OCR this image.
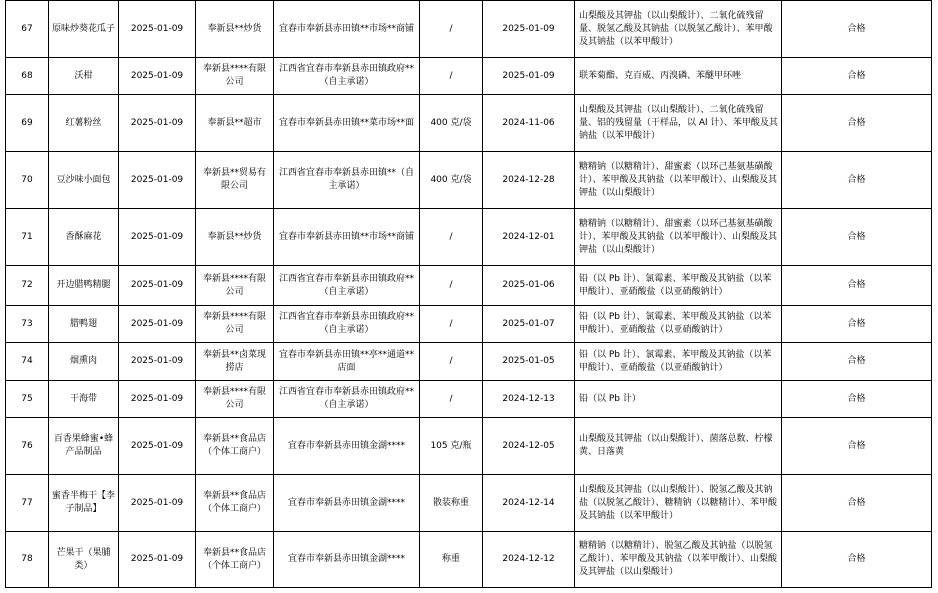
67	原味炒葵花瓜子	2025-01-09	奉新县**炒货	宜春市奉新县赤田镇**市场**商铺	/	2025-01-09	山梨酸及其钾盐（以山梨酸计）、二氧化硫残留量、脱氢乙酸及其钠盐（以脱氢乙酸计）、苯甲酸及其钠盐（以苯甲酸计）	合格

68	沃柑	2025-01-09	奉新县****有限公司	江西省宜春市奉新县赤田镇政府**（自主承诺）	/	2025-01-09	联苯菊酯、克百威、丙溴磷、苯醚甲环唑	合格

69	红薯粉丝	2025-01-09	奉新县**超市	宜春市奉新县赤田镇**菜市场**面	400 克/袋	2024-11-06	山梨酸及其钾盐（以山梨酸计）、二氧化硫残留量、铝的残留量（干样品，以 Al 计）、苯甲酸及其钠盐（以苯甲酸计）	合格

70	豆沙味小面包	2025-01-09	奉新县**贸易有限公司	江西省宜春市奉新县赤田镇**（自主承诺）	400 克/袋	2024-12-28	糖精钠（以糖精计）、甜蜜素（以环己基氨基磺酸计）、苯甲酸及其钠盐（以苯甲酸计）、山梨酸及其钾盐（以山梨酸计）	合格

71	香酥麻花	2025-01-09	奉新县**炒货	宜春市奉新县赤田镇**市场**商铺	/	2024-12-01	糖精钠（以糖精计）、甜蜜素（以环己基氨基磺酸计）、苯甲酸及其钠盐（以苯甲酸计）、山梨酸及其钾盐（以山梨酸计）	合格

72	开边腊鸭精腿	2025-01-09	奉新县****有限公司	江西省宜春市奉新县赤田镇政府**（自主承诺）	/	2025-01-06	铅（以 Pb 计）、氯霉素、苯甲酸及其钠盐（以苯甲酸计）、亚硝酸盐（以亚硝酸钠计）	合格

73	腊鸭翅	2025-01-09	奉新县****有限公司	江西省宜春市奉新县赤田镇政府**（自主承诺）	/	2025-01-07	铅（以 Pb 计）、氯霉素、苯甲酸及其钠盐（以苯甲酸计）、亚硝酸盐（以亚硝酸钠计）	合格

74	烟熏肉	2025-01-09	奉新县**卤菜现捞店	宜春市奉新县赤田镇**亭**通道**店面	/	2025-01-05	铅（以 Pb 计）、氯霉素、苯甲酸及其钠盐（以苯甲酸计）、亚硝酸盐（以亚硝酸钠计）	合格

75	干海带	2025-01-09	奉新县****有限公司	江西省宜春市奉新县赤田镇政府**（自主承诺）	/	2024-12-13	铅（以 Pb 计）	合格

76	百香果蜂蜜•蜂产品制品	2025-01-09	奉新县**食品店（个体工商户）	宜春市奉新县赤田镇金湖****	105 克/瓶	2024-12-05	山梨酸及其钾盐（以山梨酸计）、菌落总数、柠檬黄、日落黄	合格

77	蜜香半梅干【李子制品】	2025-01-09	奉新县**食品店（个体工商户）	宜春市奉新县赤田镇金湖****	散装称重	2024-12-14	山梨酸及其钾盐（以山梨酸计）、脱氢乙酸及其钠盐（以脱氢乙酸计）、糖精钠（以糖精计）、苯甲酸及其钠盐（以苯甲酸计）	合格

78	芒果干（果脯类）	2025-01-09	奉新县**食品店（个体工商户）	宜春市奉新县赤田镇金湖****	称重	2024-12-12	糖精钠（以糖精计）、脱氢乙酸及其钠盐（以脱氢乙酸计）、苯甲酸及其钠盐（以苯甲酸计）、山梨酸及其钾盐（以山梨酸计）	合格
